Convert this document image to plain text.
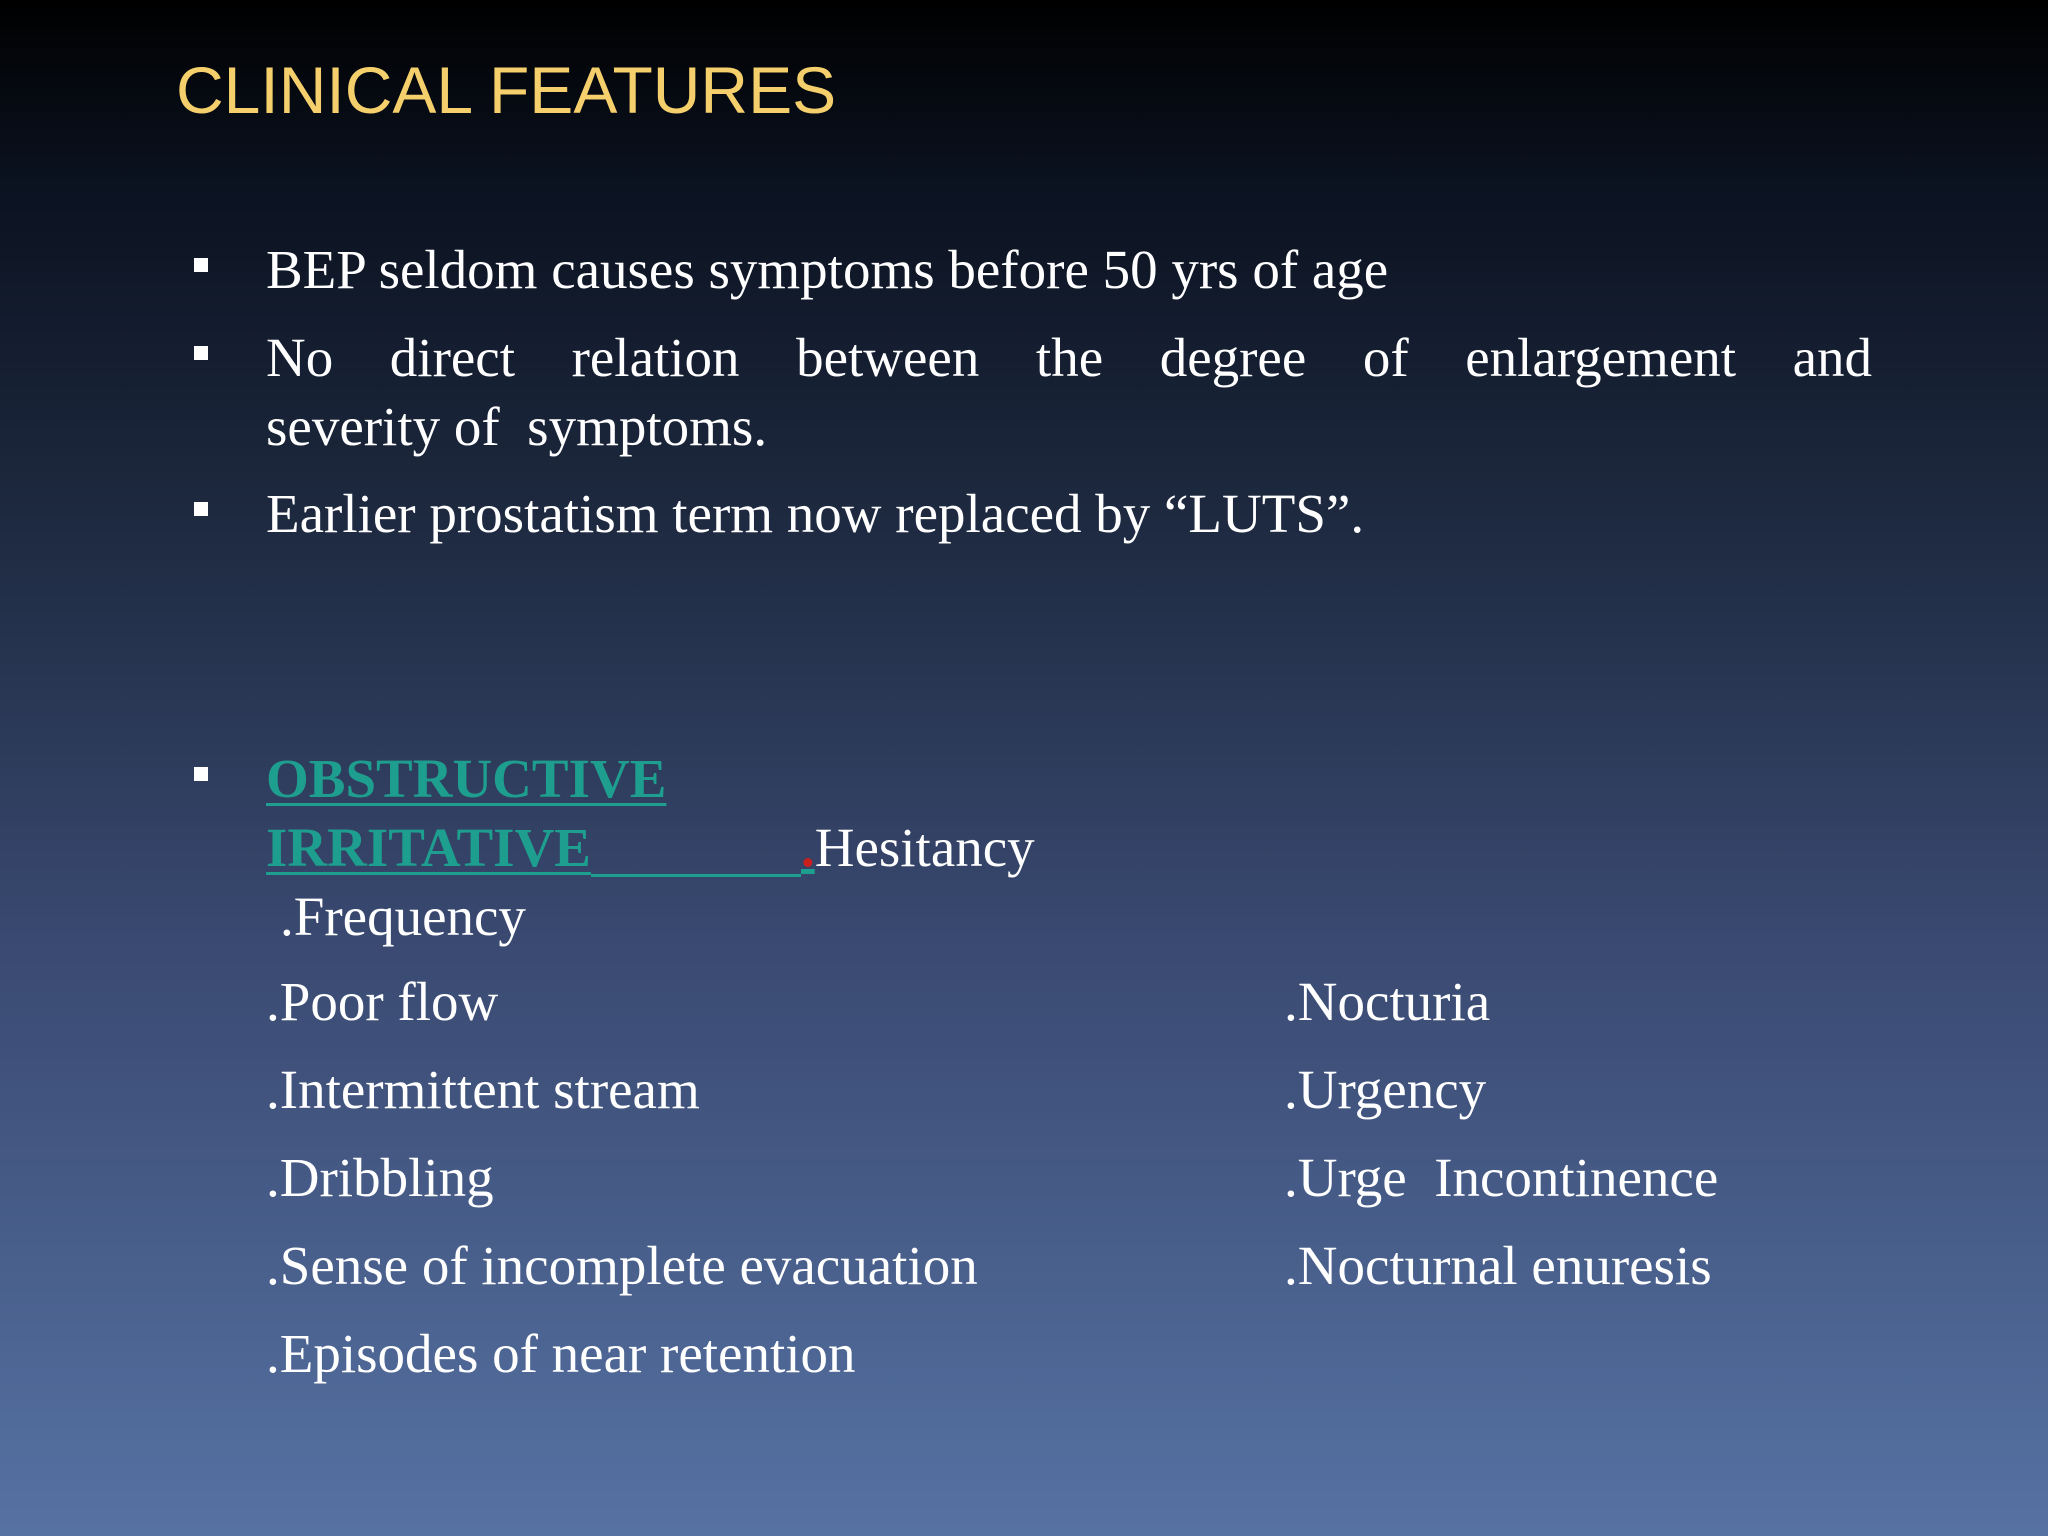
CLINICAL FEATURES

BEP seldom causes symptoms before 50 yrs of age

No direct relation between the degree of enlargement and

severity of  symptoms.

Earlier prostatism term now replaced by “LUTS”.

OBSTRUCTIVE

IRRITATIVE	.Hesitancy

.Frequency

.Poor flow	.Nocturia

.Intermittent stream	.Urgency

.Dribbling	.Urge  Incontinence

.Sense of incomplete evacuation	.Nocturnal enuresis

.Episodes of near retention
